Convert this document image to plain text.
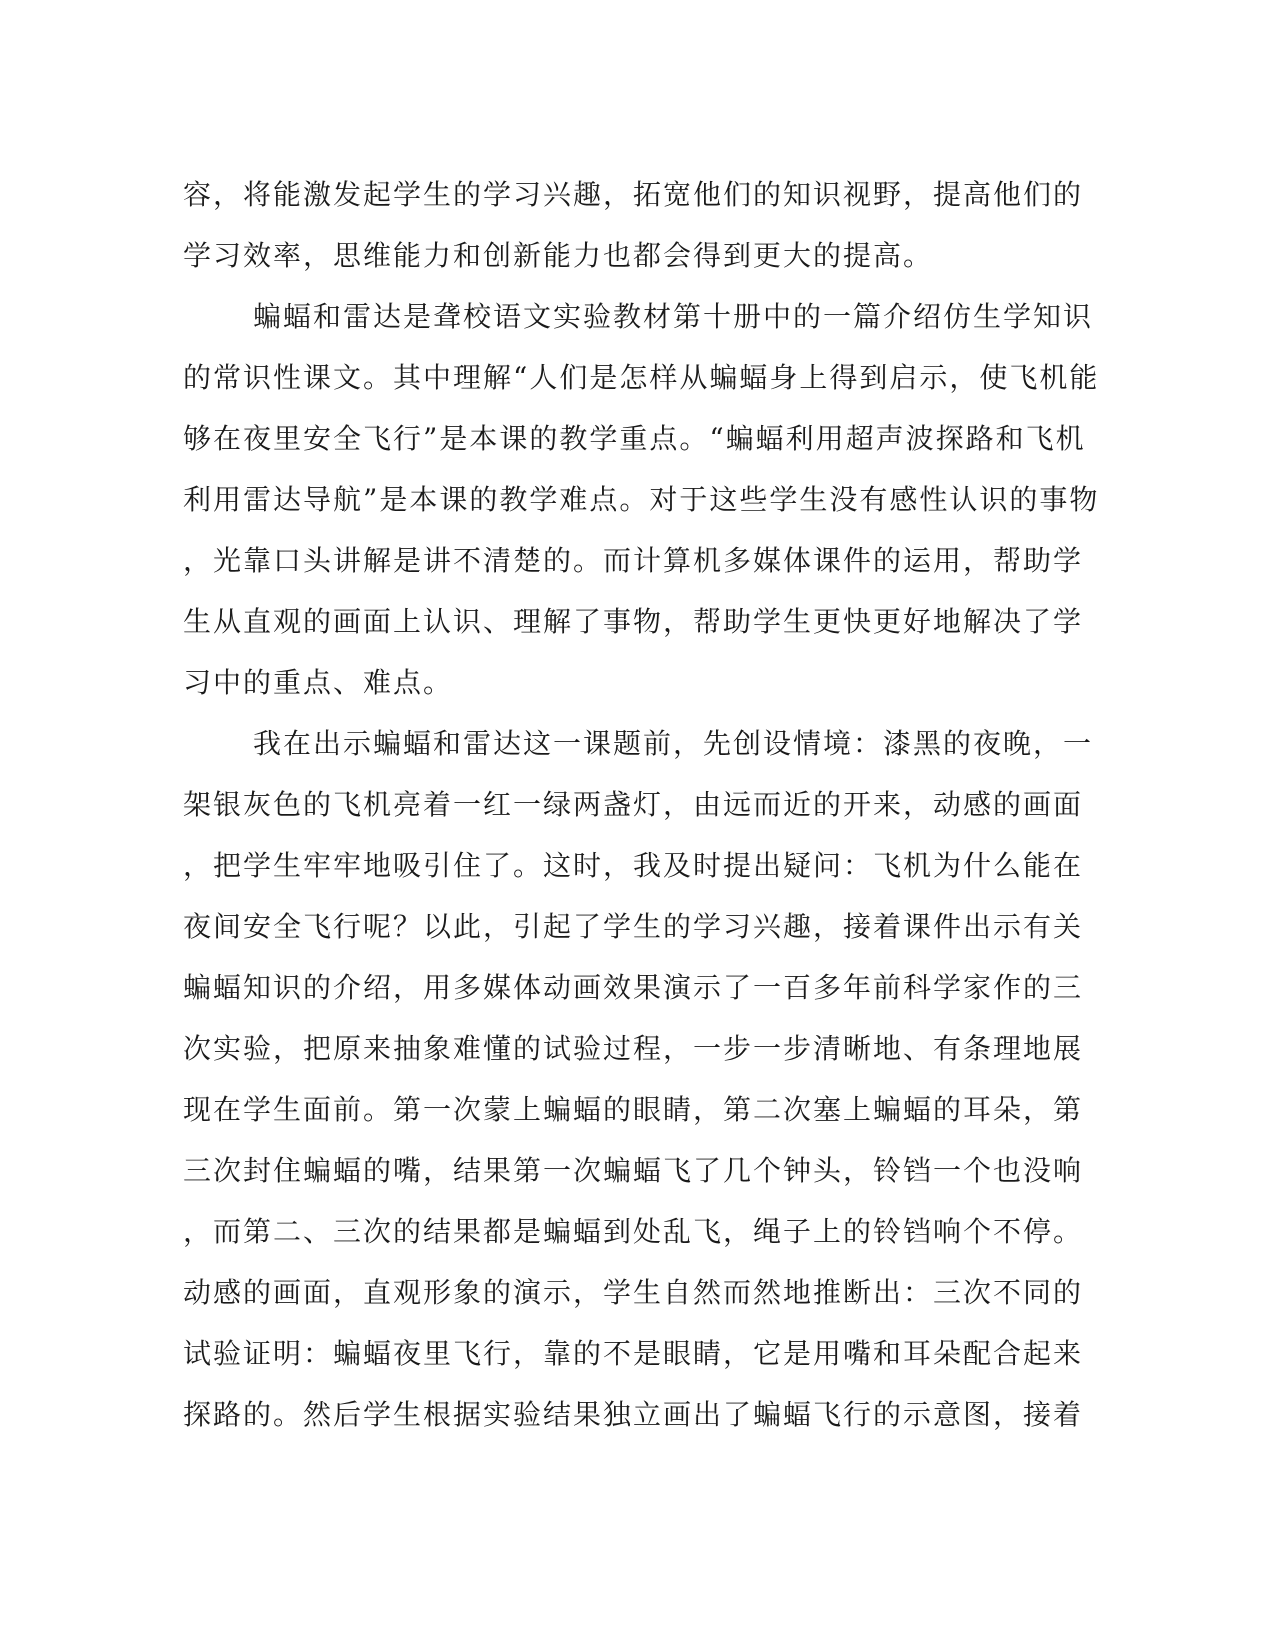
容，将能激发起学生的学习兴趣，拓宽他们的知识视野，提高他们的
学习效率，思维能力和创新能力也都会得到更大的提高。
蝙蝠和雷达是聋校语文实验教材第十册中的一篇介绍仿生学知识
的常识性课文。其中理解“人们是怎样从蝙蝠身上得到启示，使飞机能
够在夜里安全飞行”是本课的教学重点。“蝙蝠利用超声波探路和飞机
利用雷达导航”是本课的教学难点。对于这些学生没有感性认识的事物
，光靠口头讲解是讲不清楚的。而计算机多媒体课件的运用，帮助学
生从直观的画面上认识、理解了事物，帮助学生更快更好地解决了学
习中的重点、难点。
我在出示蝙蝠和雷达这一课题前，先创设情境：漆黑的夜晚，一
架银灰色的飞机亮着一红一绿两盏灯，由远而近的开来，动感的画面
，把学生牢牢地吸引住了。这时，我及时提出疑问：飞机为什么能在
夜间安全飞行呢？以此，引起了学生的学习兴趣，接着课件出示有关
蝙蝠知识的介绍，用多媒体动画效果演示了一百多年前科学家作的三
次实验，把原来抽象难懂的试验过程，一步一步清晰地、有条理地展
现在学生面前。第一次蒙上蝙蝠的眼睛，第二次塞上蝙蝠的耳朵，第
三次封住蝙蝠的嘴，结果第一次蝙蝠飞了几个钟头，铃铛一个也没响
，而第二、三次的结果都是蝙蝠到处乱飞，绳子上的铃铛响个不停。
动感的画面，直观形象的演示，学生自然而然地推断出：三次不同的
试验证明：蝙蝠夜里飞行，靠的不是眼睛，它是用嘴和耳朵配合起来
探路的。然后学生根据实验结果独立画出了蝙蝠飞行的示意图，接着
